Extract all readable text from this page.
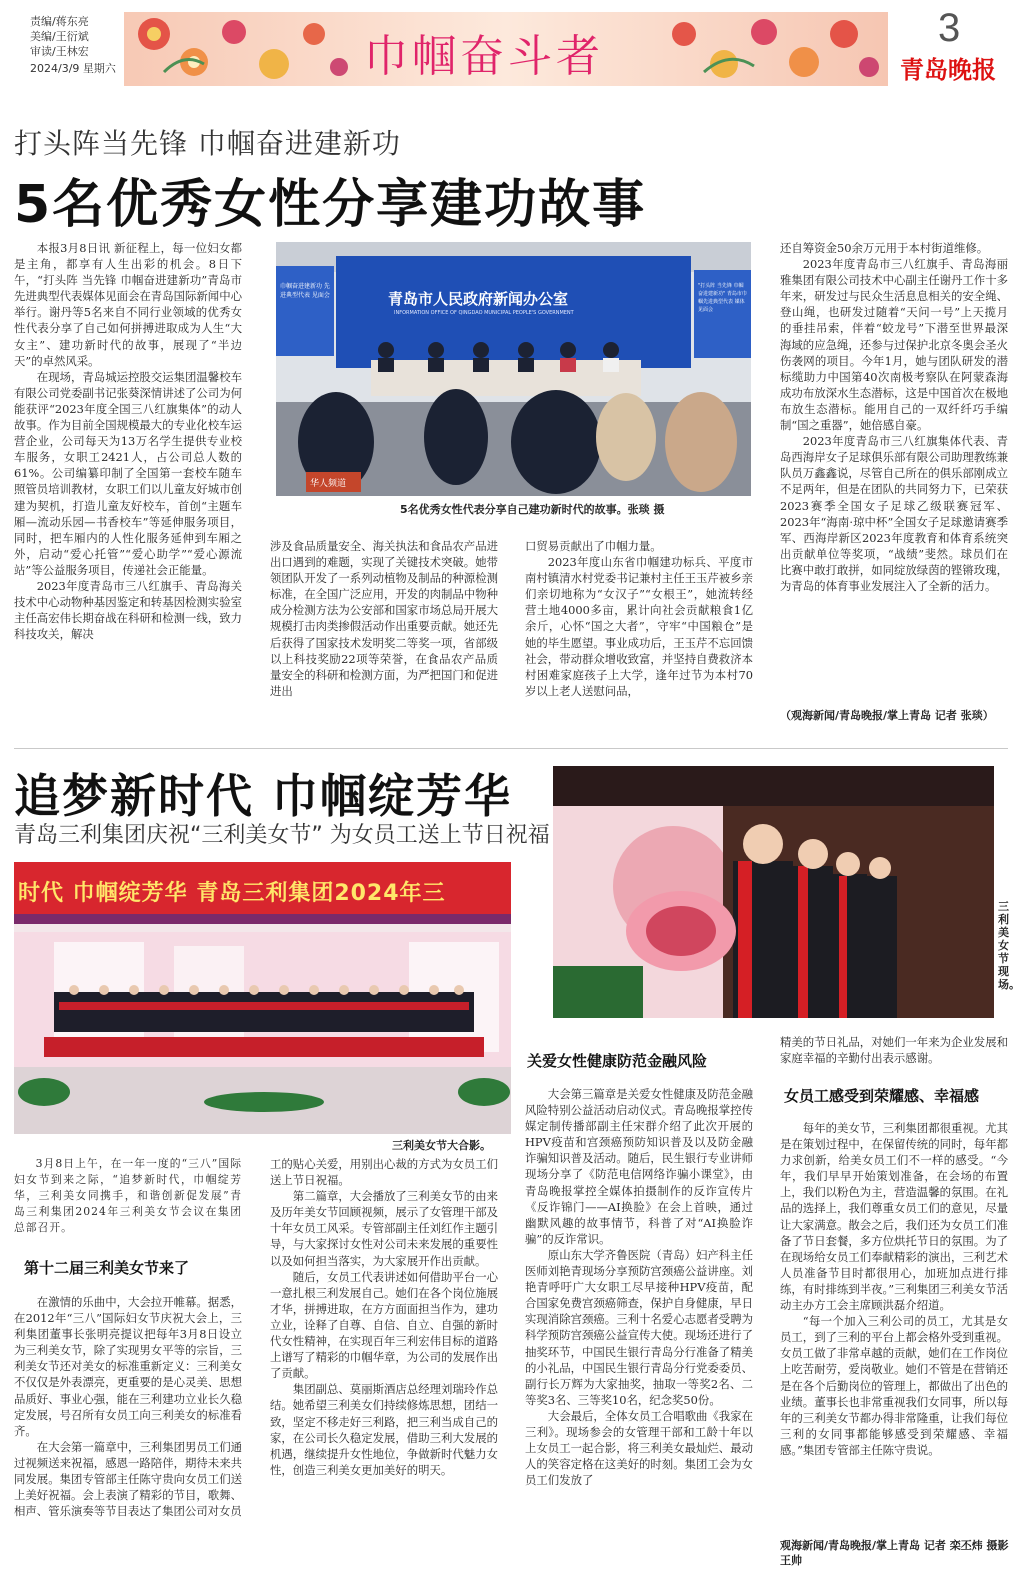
责编/蒋东亮
美编/王衍斌
审读/王林宏
2024/3/9 星期六	巾帼奋斗者
3
青岛晚报
打头阵当先锋 巾帼奋进建新功
5名优秀女性分享建功故事

本报3月8日讯 新征程上，每一位妇女都是主角，都享有人生出彩的机会。8日下午，“打头阵 当先锋 巾帼奋进建新功”青岛市先进典型代表媒体见面会在青岛国际新闻中心举行。谢丹等5名来自不同行业领域的优秀女性代表分享了自己如何拼搏进取成为人生“大女主”、建功新时代的故事，展现了“半边天”的卓然风采。

在现场，青岛城运控股交运集团温馨校车有限公司党委副书记张葵深情讲述了公司为何能获评“2023年度全国三八红旗集体”的动人故事。作为目前全国规模最大的专业化校车运营企业，公司每天为13万名学生提供专业校车服务，女职工2421人，占公司总人数的61%。公司编纂印制了全国第一套校车随车照管员培训教材，女职工们以儿童友好城市创建为契机，打造儿童友好校车，首创“主题车厢—流动乐园—书香校车”等延伸服务项目，同时，把车厢内的人性化服务延伸到车厢之外，启动“爱心托管”“爱心助学”“爱心源流站”等公益服务项目，传递社会正能量。

2023年度青岛市三八红旗手、青岛海关技术中心动物种基因鉴定和转基因检测实验室主任高宏伟长期奋战在科研和检测一线，致力科技攻关，解决

青岛市人民政府新闻办公室
INFORMATION OFFICE OF QINGDAO MUNICIPAL PEOPLE'S GOVERNMENT
巾帼奋进建新功 先进典型代表 见面会
"打头阵 当先锋 巾帼奋进建新功" 青岛市巾帼先进典型代表 媒体见面会
华人频道
5名优秀女性代表分享自己建功新时代的故事。张琰 摄

涉及食品质量安全、海关执法和食品农产品进出口遇到的难题，实现了关键技术突破。她带领团队开发了一系列动植物及制品的种源检测标准，在全国广泛应用，开发的肉制品中物种成分检测方法为公安部和国家市场总局开展大规模打击肉类掺假活动作出重要贡献。她还先后获得了国家技术发明奖二等奖一项，省部级以上科技奖励22项等荣誉，在食品农产品质量安全的科研和检测方面，为严把国门和促进进出

口贸易贡献出了巾帼力量。

2023年度山东省巾帼建功标兵、平度市南村镇清水村党委书记兼村主任王玉芹被乡亲们亲切地称为“女汉子”“女根王”，她流转经营土地4000多亩，累计向社会贡献粮食1亿余斤，心怀“国之大者”，守牢“中国粮仓”是她的毕生愿望。事业成功后，王玉芹不忘回馈社会，带动群众增收致富，并坚持自费救济本村困难家庭孩子上大学，逢年过节为本村70岁以上老人送慰问品，

还自筹资金50余万元用于本村街道维修。

2023年度青岛市三八红旗手、青岛海丽雅集团有限公司技术中心副主任谢丹工作十多年来，研发过与民众生活息息相关的安全绳、登山绳，也研发过随着“天问一号”上天揽月的垂挂吊索，伴着“蛟龙号”下潜至世界最深海域的应急绳，还参与过保护北京冬奥会圣火伤袭网的项目。今年1月，她与团队研发的潜标缆助力中国第40次南极考察队在阿蒙森海成功布放深水生态潜标，这是中国首次在极地布放生态潜标。能用自己的一双纤纤巧手编制“国之重器”，她倍感自豪。

2023年度青岛市三八红旗集体代表、青岛西海岸女子足球俱乐部有限公司助理教练兼队员万鑫鑫说，尽管自己所在的俱乐部刚成立不足两年，但是在团队的共同努力下，已荣获2023赛季全国女子足球乙级联赛冠军、2023年“海南·琼中杯”全国女子足球邀请赛季军、西海岸新区2023年度教育和体育系统突出贡献单位等奖项，“战绩”斐然。球员们在比赛中敢打敢拼，如同绽放绿茵的铿锵玫瑰，为青岛的体育事业发展注入了全新的活力。

（观海新闻/青岛晚报/掌上青岛 记者 张琰）
追梦新时代 巾帼绽芳华
青岛三利集团庆祝“三利美女节” 为女员工送上节日祝福
时代 巾帼绽芳华 青岛三利集团2024年三
三利美女节大合影。
三利美女节现场。

3月8日上午，在一年一度的“三八”国际妇女节到来之际，“追梦新时代，巾帼绽芳华，三利美女同携手，和谐创新促发展”青岛三利集团2024年三利美女节会议在集团总部召开。

第十二届三利美女节来了

在激情的乐曲中，大会拉开帷幕。据悉，在2012年“三八”国际妇女节庆祝大会上，三利集团董事长张明亮提议把每年3月8日设立为三利美女节，除了实现男女平等的宗旨，三利美女节还对美女的标准重新定义：三利美女不仅仅是外表漂亮，更重要的是心灵美、思想品质好、事业心强，能在三利建功立业长久稳定发展，号召所有女员工向三利美女的标准看齐。

在大会第一篇章中，三利集团男员工们通过视频送来祝福，感恩一路陪伴，期待未来共同发展。集团专管部主任陈守贵向女员工们送上美好祝福。会上表演了精彩的节目，歌舞、相声、管乐演奏等节目表达了集团公司对女员

工的贴心关爱，用别出心裁的方式为女员工们送上节日祝福。

第二篇章，大会播放了三利美女节的由来及历年美女节回顾视频，展示了女管理干部及十年女员工风采。专管部副主任刘红作主题引导，与大家探讨女性对公司未来发展的重要性以及如何担当落实，为大家展开作出贡献。

随后，女员工代表讲述如何借助平台一心一意扎根三利发展自己。她们在各个岗位施展才华，拼搏进取，在方方面面担当作为，建功立业，诠释了自尊、自信、自立、自强的新时代女性精神，在实现百年三利宏伟目标的道路上谱写了精彩的巾帼华章，为公司的发展作出了贡献。

集团副总、莫丽斯酒店总经理刘瑞玲作总结。她希望三利美女们持续修炼思想，团结一致，坚定不移走好三利路，把三利当成自己的家，在公司长久稳定发展，借助三利大发展的机遇，继续提升女性地位，争做新时代魅力女性，创造三利美女更加美好的明天。

关爱女性健康防范金融风险

大会第三篇章是关爱女性健康及防范金融风险特别公益活动启动仪式。青岛晚报掌控传媒定制传播部副主任宋群介绍了此次开展的HPV疫苗和宫颈癌预防知识普及以及防金融诈骗知识普及活动。随后，民生银行专业讲师现场分享了《防范电信网络诈骗小课堂》，由青岛晚报掌控全媒体拍摄制作的反诈宣传片《反诈锦门——AI换脸》在会上首映，通过幽默风趣的故事情节，科普了对“AI换脸诈骗”的反诈常识。

原山东大学齐鲁医院（青岛）妇产科主任医师刘艳青现场分享预防宫颈癌公益讲座。刘艳青呼吁广大女职工尽早接种HPV疫苗，配合国家免费宫颈癌筛查，保护自身健康，早日实现消除宫颈癌。三利十名爱心志愿者受聘为科学预防宫颈癌公益宣传大使。现场还进行了抽奖环节，中国民生银行青岛分行准备了精美的小礼品，中国民生银行青岛分行党委委员、副行长万辉为大家抽奖，抽取一等奖2名、二等奖3名、三等奖10名，纪念奖50份。

大会最后，全体女员工合唱歌曲《我家在三利》。现场参会的女管理干部和工龄十年以上女员工一起合影，将三利美女最灿烂、最动人的笑容定格在这美好的时刻。集团工会为女员工们发放了

精美的节日礼品，对她们一年来为企业发展和家庭幸福的辛勤付出表示感谢。

女员工感受到荣耀感、幸福感

每年的美女节，三利集团都很重视。尤其是在策划过程中，在保留传统的同时，每年都力求创新，给美女员工们不一样的感受。“今年，我们早早开始策划准备，在会场的布置上，我们以粉色为主，营造温馨的氛围。在礼品的选择上，我们尊重女员工们的意见，尽量让大家满意。散会之后，我们还为女员工们准备了节日套餐，多方位烘托节日的氛围。为了在现场给女员工们奉献精彩的演出，三利艺术人员准备节目时都很用心，加班加点进行排练，有时排练到半夜。”三利集团三利美女节活动主办方工会主席顾洪磊介绍道。

“每一个加入三利公司的员工，尤其是女员工，到了三利的平台上都会格外受到重视。女员工做了非常卓越的贡献，她们在工作岗位上吃苦耐劳，爱岗敬业。她们不管是在营销还是在各个后勤岗位的管理上，都做出了出色的业绩。董事长也非常重视我们女同事，所以每年的三利美女节都办得非常隆重，让我们每位三利的女同事都能够感受到荣耀感、幸福感。”集团专管部主任陈守贵说。

观海新闻/青岛晚报/掌上青岛 记者 栾丕炜 摄影 王帅
